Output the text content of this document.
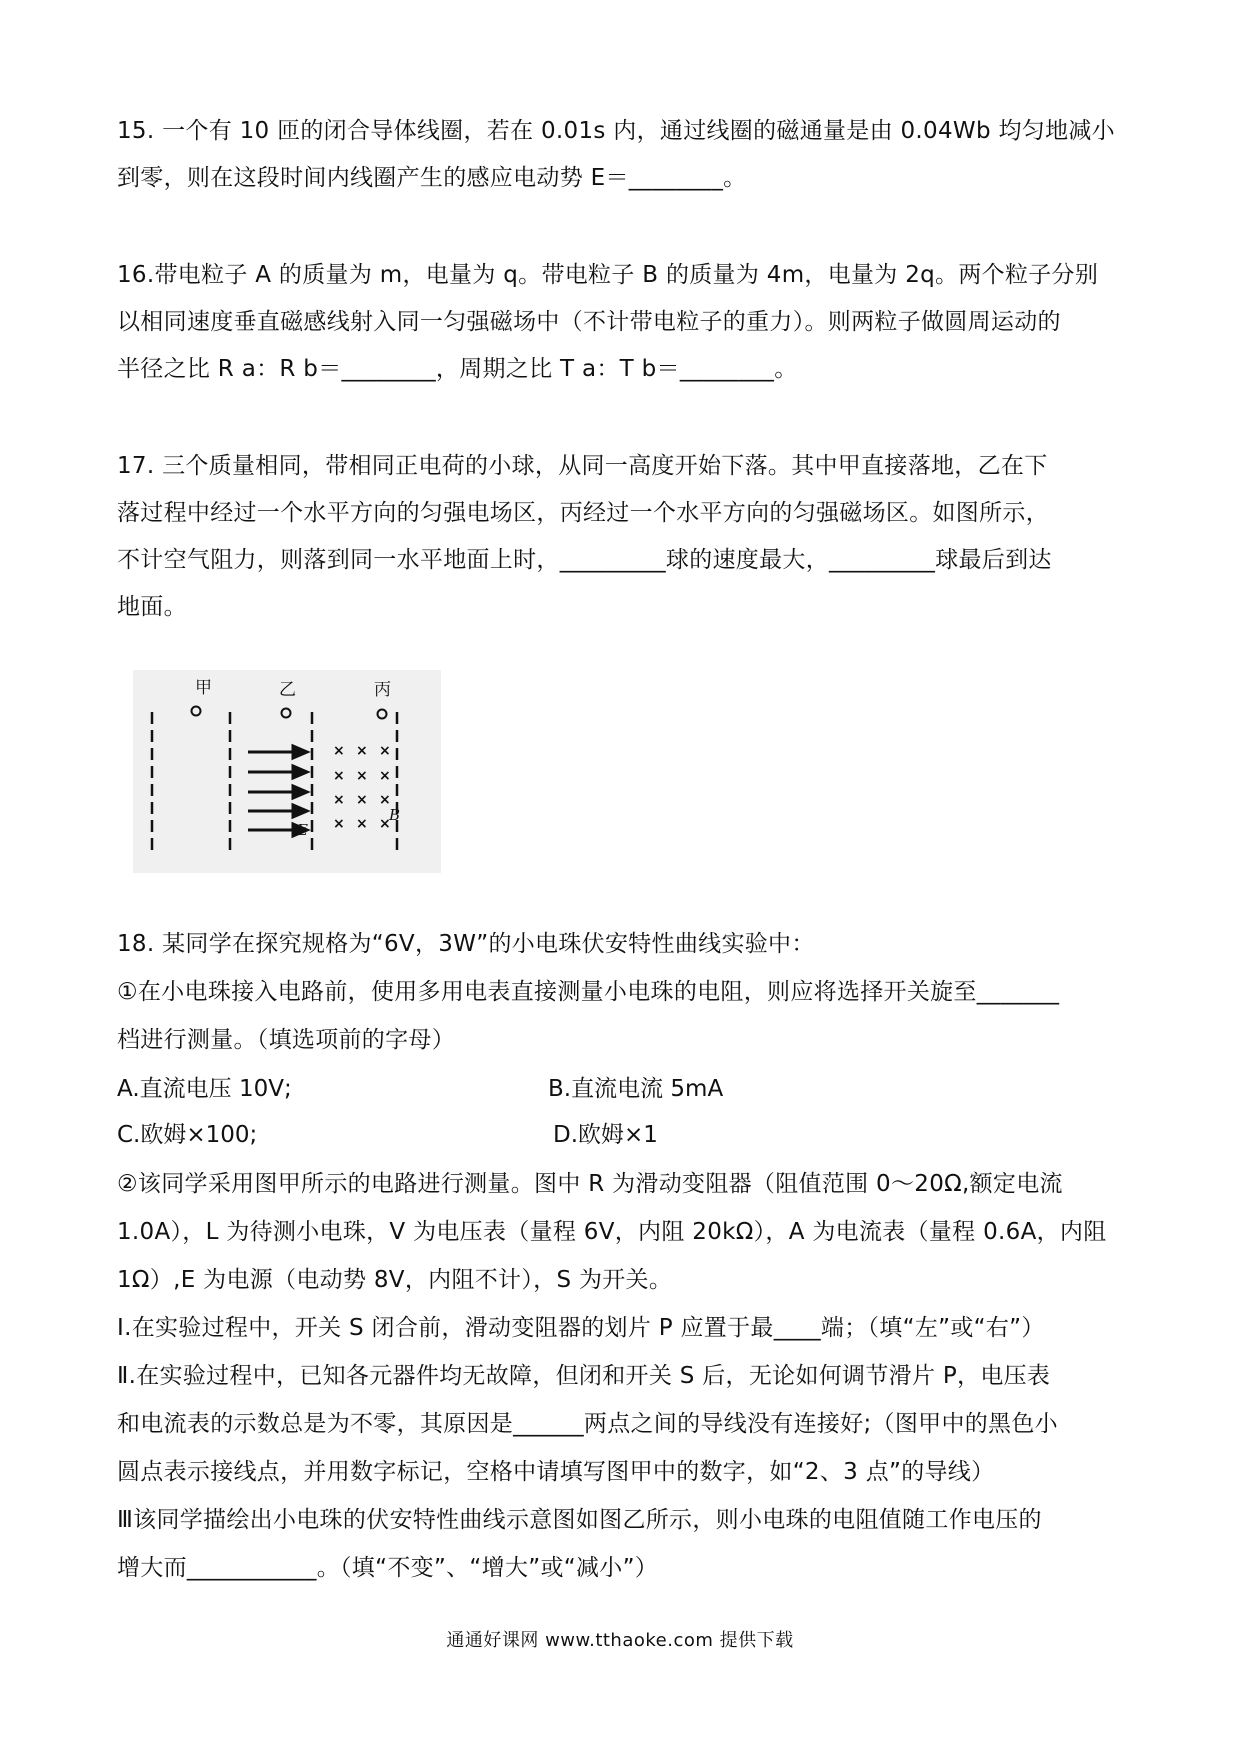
15. 一个有 10 匝的闭合导体线圈，若在 0.01s 内，通过线圈的磁通量是由 0.04Wb 均匀地减小
到零，则在这段时间内线圈产生的感应电动势 E＝________。
16.带电粒子 A 的质量为 m，电量为 q。带电粒子 B 的质量为 4m，电量为 2q。两个粒子分别
以相同速度垂直磁感线射入同一匀强磁场中（不计带电粒子的重力）。则两粒子做圆周运动的
半径之比 R a：R b＝________，周期之比 T a：T b＝________。
17. 三个质量相同，带相同正电荷的小球，从同一高度开始下落。其中甲直接落地，乙在下
落过程中经过一个水平方向的匀强电场区，丙经过一个水平方向的匀强磁场区。如图所示，
不计空气阻力，则落到同一水平地面上时，_________球的速度最大，_________球最后到达
地面。
甲	乙	丙
E
× × ×
× × ×
× × ×
× × ×
B
18. 某同学在探究规格为“6V，3W”的小电珠伏安特性曲线实验中：
①在小电珠接入电路前，使用多用电表直接测量小电珠的电阻，则应将选择开关旋至_______
档进行测量。（填选项前的字母）
A.直流电压 10V;	B.直流电流 5mA
C.欧姆×100;	D.欧姆×1
②该同学采用图甲所示的电路进行测量。图中 R 为滑动变阻器（阻值范围 0～20Ω,额定电流
1.0A），L 为待测小电珠，V 为电压表（量程 6V，内阻 20kΩ），A 为电流表（量程 0.6A，内阻
1Ω）,E 为电源（电动势 8V，内阻不计），S 为开关。
Ⅰ.在实验过程中，开关 S 闭合前，滑动变阻器的划片 P 应置于最____端；（填“左”或“右”）
Ⅱ.在实验过程中，已知各元器件均无故障，但闭和开关 S 后，无论如何调节滑片 P，电压表
和电流表的示数总是为不零，其原因是______两点之间的导线没有连接好;（图甲中的黑色小
圆点表示接线点，并用数字标记，空格中请填写图甲中的数字，如“2、3 点”的导线）
Ⅲ该同学描绘出小电珠的伏安特性曲线示意图如图乙所示，则小电珠的电阻值随工作电压的
增大而___________。（填“不变”、“增大”或“减小”）
通通好课网 www.tthaoke.com 提供下载
